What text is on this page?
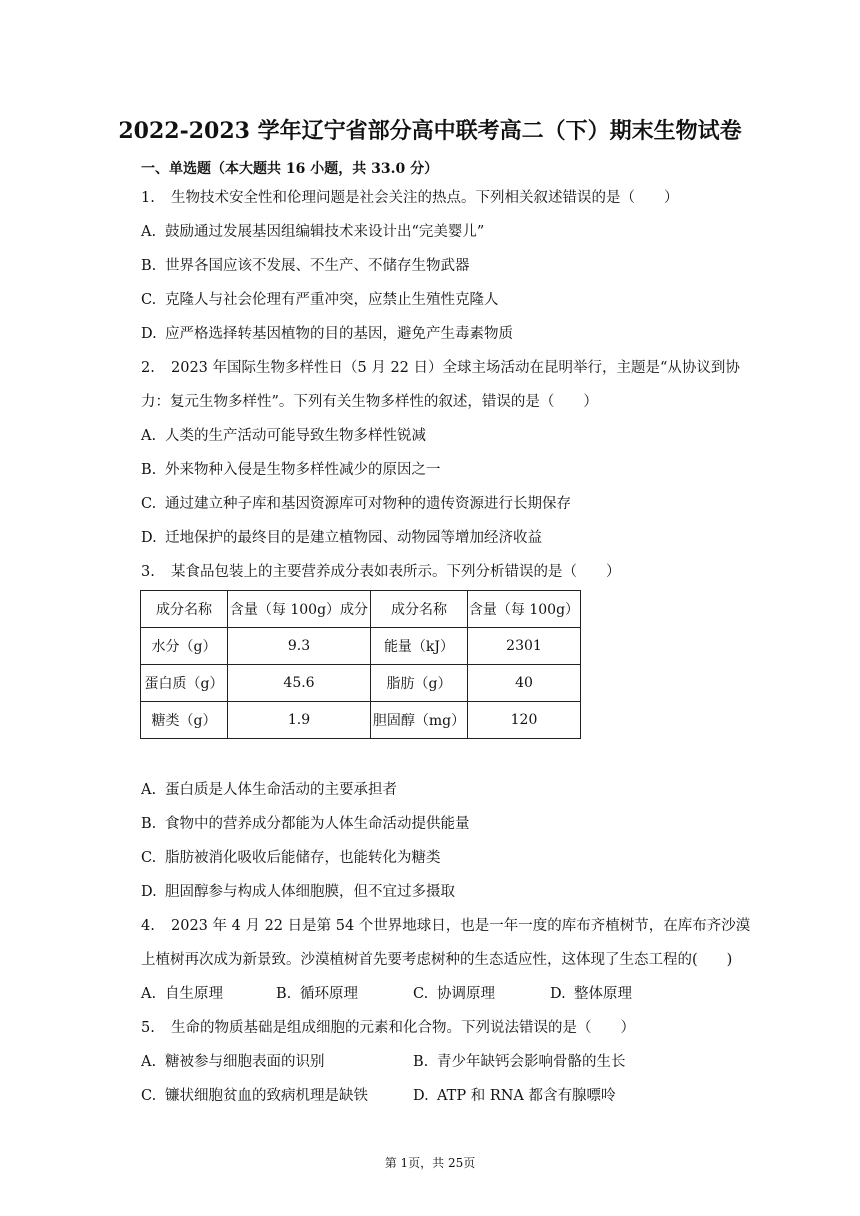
2022-2023 学年辽宁省部分高中联考高二（下）期末生物试卷
一、单选题（本大题共 16 小题，共 33.0 分）
1. 生物技术安全性和伦理问题是社会关注的热点。下列相关叙述错误的是（　　）
A. 鼓励通过发展基因组编辑技术来设计出“完美婴儿”
B. 世界各国应该不发展、不生产、不储存生物武器
C. 克隆人与社会伦理有严重冲突，应禁止生殖性克隆人
D. 应严格选择转基因植物的目的基因，避免产生毒素物质
2. 2023 年国际生物多样性日（5 月 22 日）全球主场活动在昆明举行，主题是“从协议到协
力：复元生物多样性”。下列有关生物多样性的叙述，错误的是（　　）
A. 人类的生产活动可能导致生物多样性锐减
B. 外来物种入侵是生物多样性减少的原因之一
C. 通过建立种子库和基因资源库可对物种的遗传资源进行长期保存
D. 迁地保护的最终目的是建立植物园、动物园等增加经济收益
3. 某食品包装上的主要营养成分表如表所示。下列分析错误的是（　　）
成分名称	含量（每 100g）成分	成分名称	含量（每 100g）
水分（g）	9.3	能量（kJ）	2301
蛋白质（g）	45.6	脂肪（g）	40
糖类（g）	1.9	胆固醇（mg）	120
A. 蛋白质是人体生命活动的主要承担者
B. 食物中的营养成分都能为人体生命活动提供能量
C. 脂肪被消化吸收后能储存，也能转化为糖类
D. 胆固醇参与构成人体细胞膜，但不宜过多摄取
4. 2023 年 4 月 22 日是第 54 个世界地球日，也是一年一度的库布齐植树节，在库布齐沙漠
上植树再次成为新景致。沙漠植树首先要考虑树种的生态适应性，这体现了生态工程的(　　)
A. 自生原理	B. 循环原理	C. 协调原理	D. 整体原理
5. 生命的物质基础是组成细胞的元素和化合物。下列说法错误的是（　　）
A. 糖被参与细胞表面的识别	B. 青少年缺钙会影响骨骼的生长
C. 镰状细胞贫血的致病机理是缺铁	D. ATP 和 RNA 都含有腺嘌呤
第 1页，共 25页
